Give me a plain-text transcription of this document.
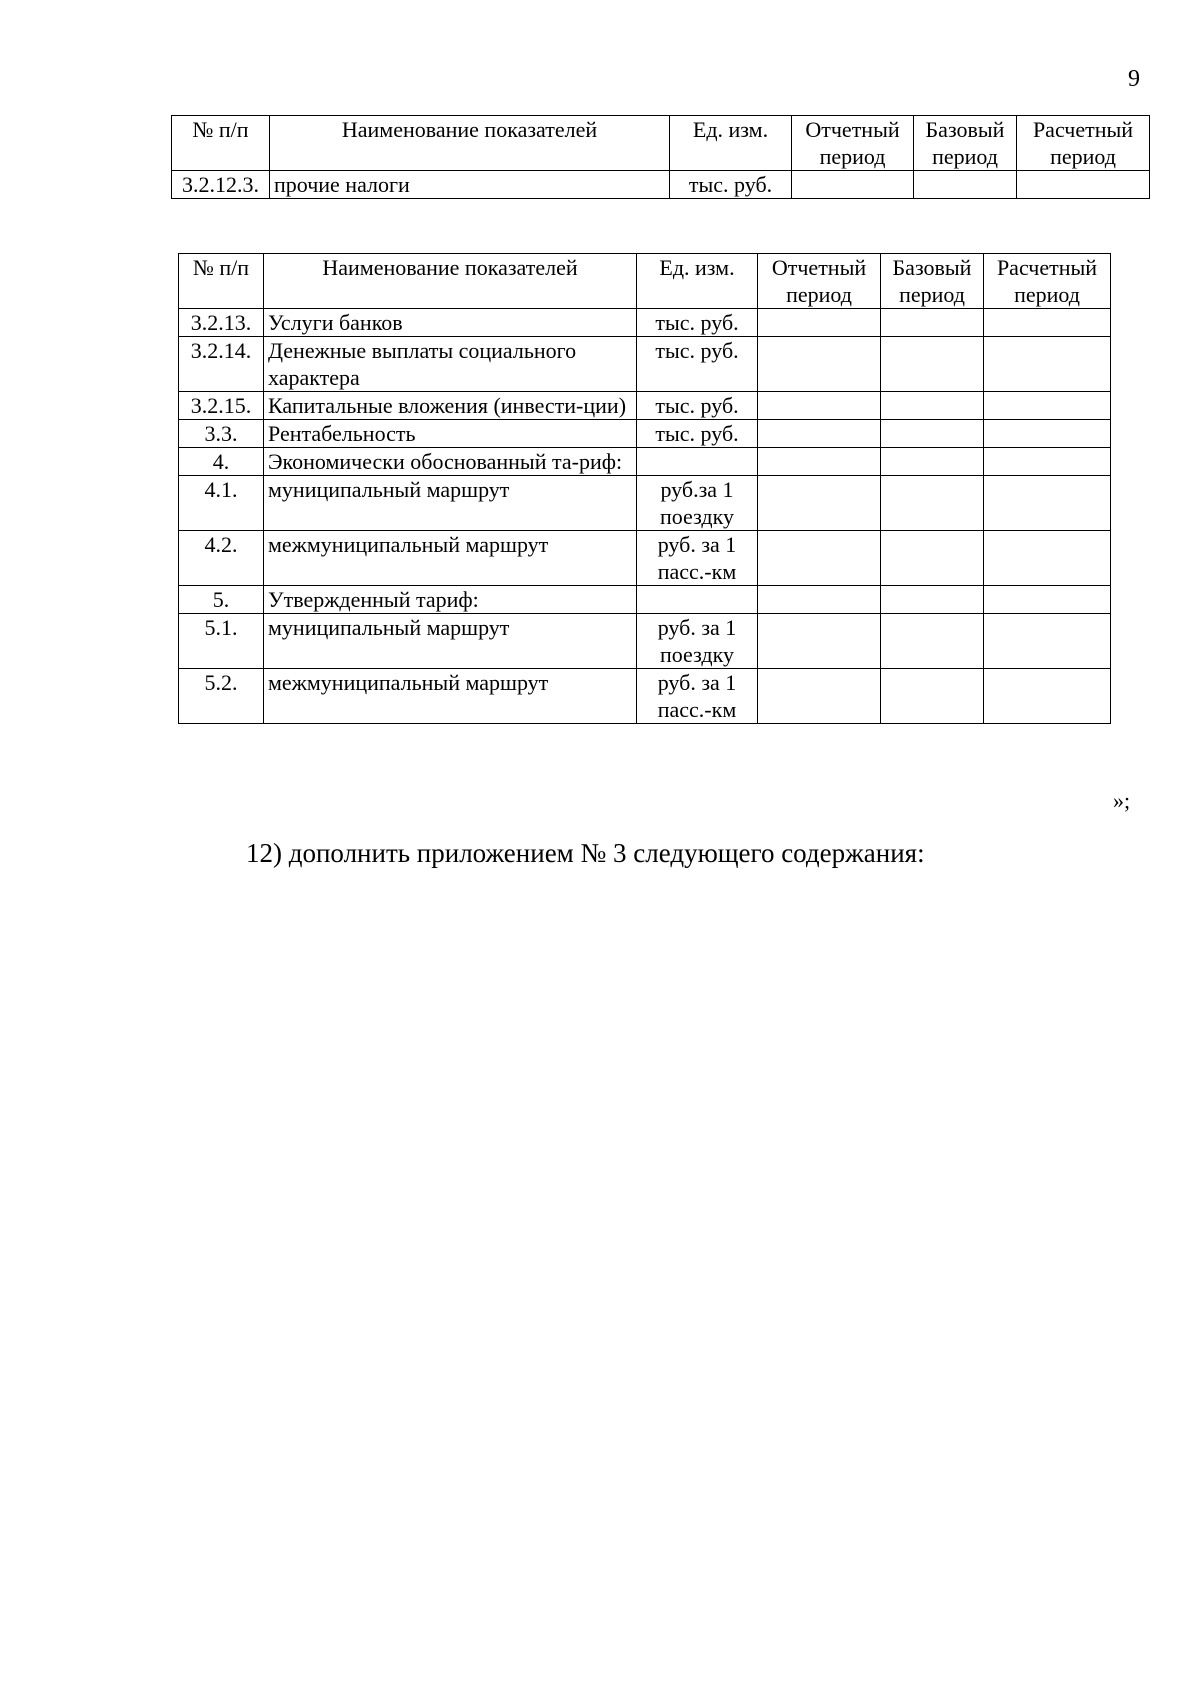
9
№ п/п	Наименование показателей	Ед. изм.	Отчетный период	Базовый период	Расчетный период
3.2.12.3.	прочие налоги	тыс. руб.			
№ п/п	Наименование показателей	Ед. изм.	Отчетный период	Базовый период	Расчетный период
3.2.13.	Услуги банков	тыс. руб.			
3.2.14.	Денежные выплаты социального характера	тыс. руб.			
3.2.15.	Капитальные вложения (инвести-ции)	тыс. руб.			
3.3.	Рентабельность	тыс. руб.			
4.	Экономически обоснованный та-риф:				
4.1.	муниципальный маршрут	руб.за 1 поездку			
4.2.	межмуниципальный маршрут	руб. за 1 пасс.-км			
5.	Утвержденный тариф:				
5.1.	муниципальный маршрут	руб. за 1 поездку			
5.2.	межмуниципальный маршрут	руб. за 1 пасс.-км			
»;
12) дополнить приложением № 3 следующего содержания:
